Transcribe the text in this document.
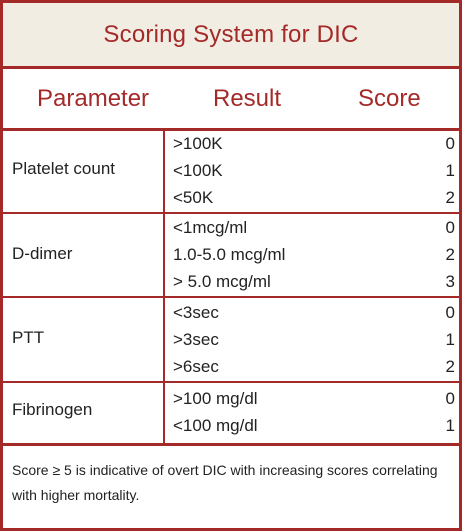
Scoring System for DIC
Parameter	Result	Score
Platelet count
>100K
<100K
<50K
0
1
2
D-dimer
<1mcg/ml
1.0-5.0 mcg/ml
> 5.0 mcg/ml
0
2
3
PTT
<3sec
>3sec
>6sec
0
1
2
Fibrinogen
>100 mg/dl
<100 mg/dl
0
1
Score ≥ 5 is indicative of overt DIC with increasing scores correlating with higher mortality.
